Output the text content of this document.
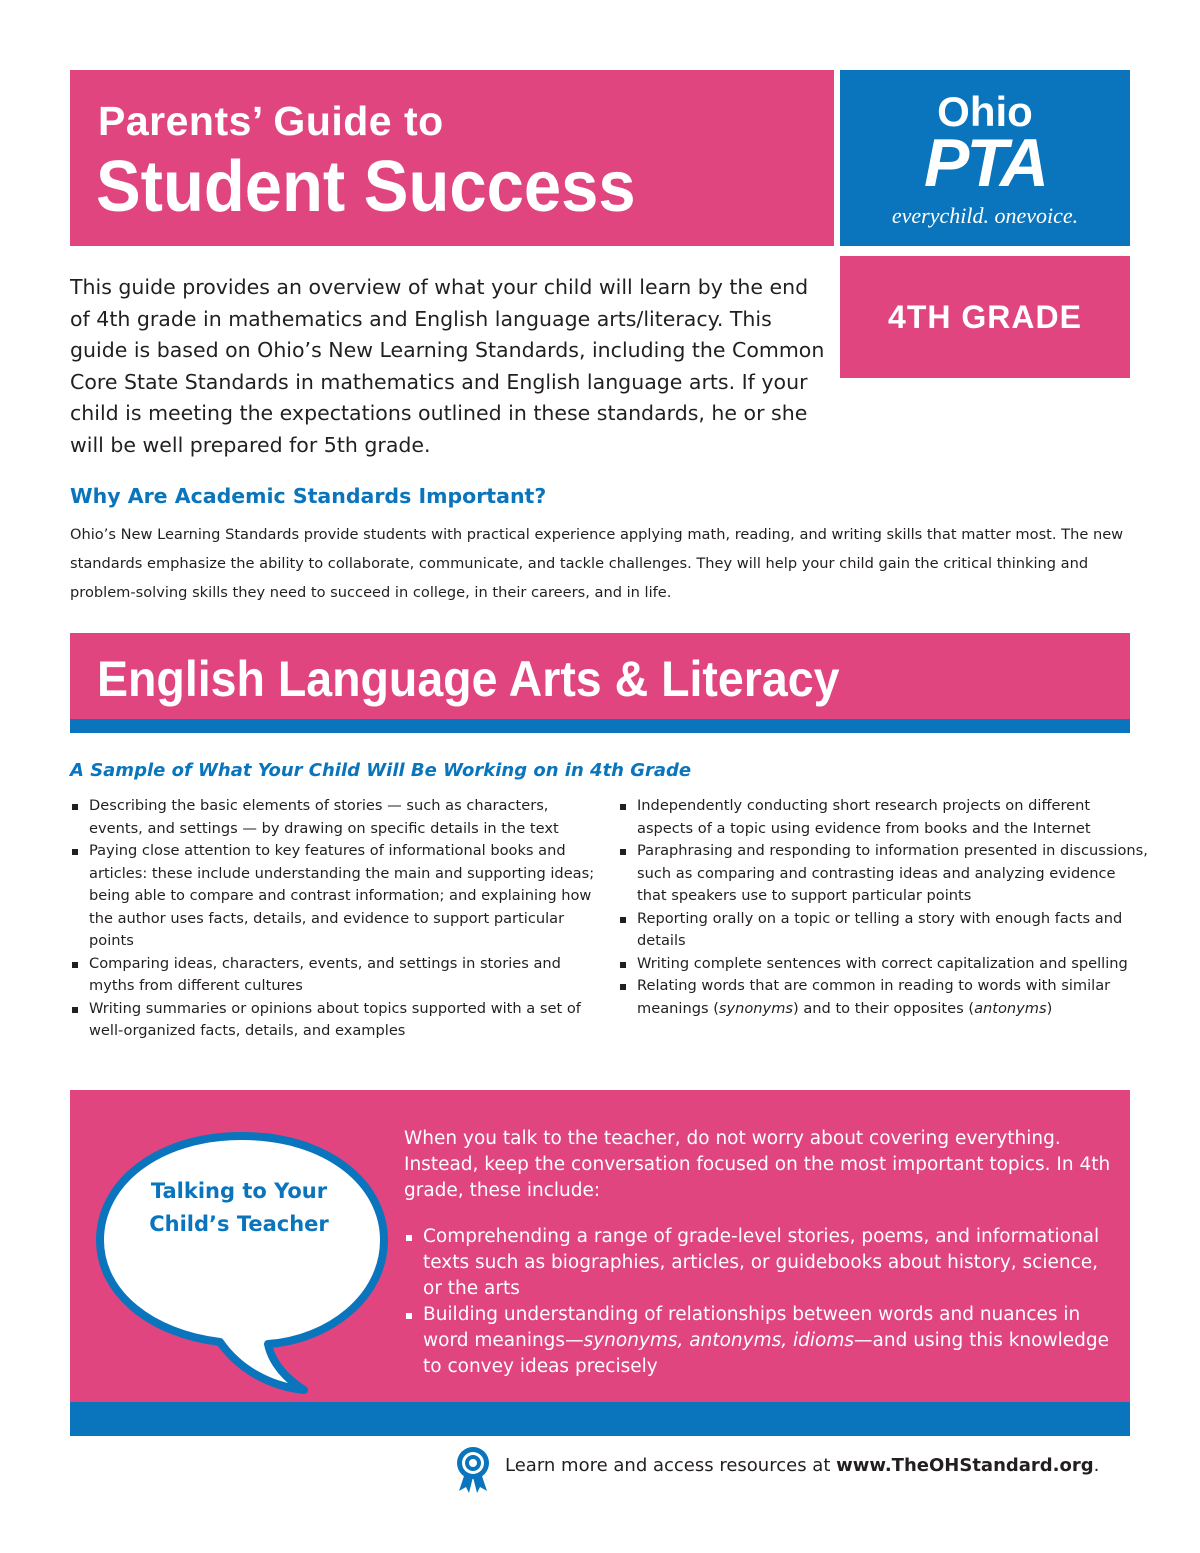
Parents’ Guide to
Student Success
Ohio
PTA
everychild. onevoice.
4TH GRADE
This guide provides an overview of what your child will learn by the end of 4th grade in mathematics and English language arts/literacy. This guide is based on Ohio’s New Learning Standards, including the Common Core State Standards in mathematics and English language arts. If your child is meeting the expectations outlined in these standards, he or she will be well prepared for 5th grade.
Why Are Academic Standards Important?
Ohio’s New Learning Standards provide students with practical experience applying math, reading, and writing skills that matter most. The new standards emphasize the ability to collaborate, communicate, and tackle challenges. They will help your child gain the critical thinking and problem-solving skills they need to succeed in college, in their careers, and in life.
English Language Arts & Literacy
A Sample of What Your Child Will Be Working on in 4th Grade
Describing the basic elements of stories — such as characters, events, and settings — by drawing on specific details in the text
Paying close attention to key features of informational books and articles: these include understanding the main and supporting ideas; being able to compare and contrast information; and explaining how the author uses facts, details, and evidence to support particular points
Comparing ideas, characters, events, and settings in stories and myths from different cultures
Writing summaries or opinions about topics supported with a set of well-organized facts, details, and examples
Independently conducting short research projects on different aspects of a topic using evidence from books and the Internet
Paraphrasing and responding to information presented in discussions, such as comparing and contrasting ideas and analyzing evidence that speakers use to support particular points
Reporting orally on a topic or telling a story with enough facts and details
Writing complete sentences with correct capitalization and spelling
Relating words that are common in reading to words with similar meanings (synonyms) and to their opposites (antonyms)
Talking to Your Child’s Teacher
When you talk to the teacher, do not worry about covering everything. Instead, keep the conversation focused on the most important topics. In 4th grade, these include:
Comprehending a range of grade-level stories, poems, and informational texts such as biographies, articles, or guidebooks about history, science, or the arts
Building understanding of relationships between words and nuances in word meanings—synonyms, antonyms, idioms—and using this knowledge to convey ideas precisely
Learn more and access resources at www.TheOHStandard.org.
